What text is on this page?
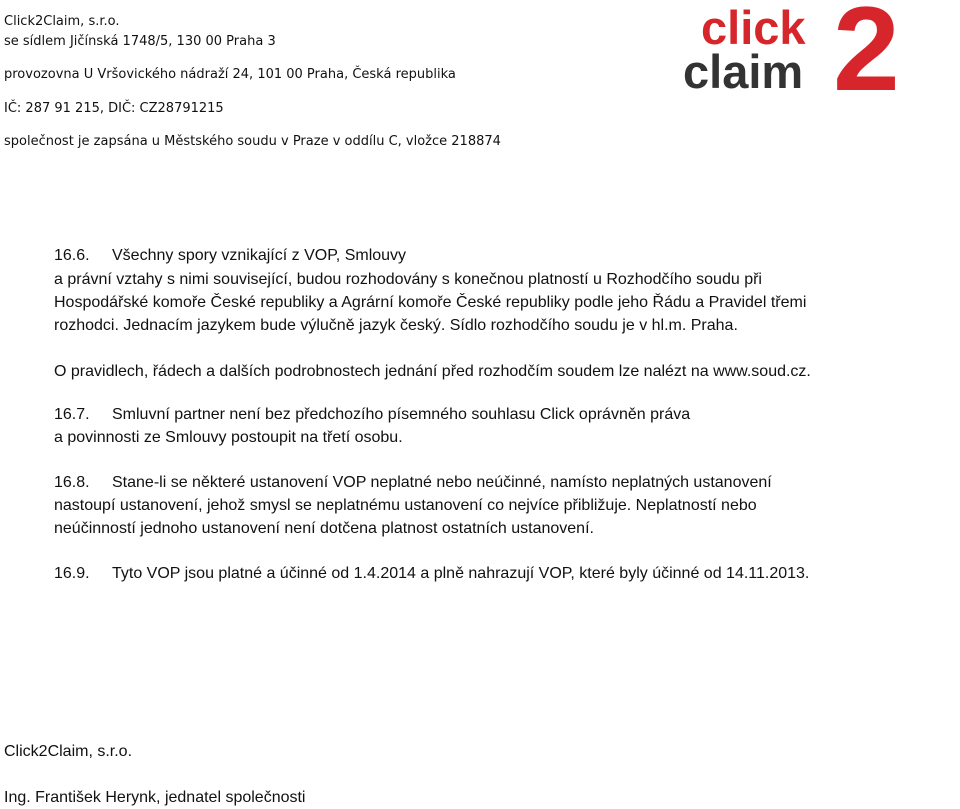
Click2Claim, s.r.o.
se sídlem Jičínská 1748/5, 130 00 Praha 3
provozovna U Vršovického nádraží 24, 101 00 Praha, Česká republika
IČ: 287 91 215, DIČ: CZ28791215
společnost je zapsána u Městského soudu v Praze v oddílu C, vložce 218874
click
claim 2
16.6. Všechny spory vznikající z VOP, Smlouvy
a právní vztahy s nimi související, budou rozhodovány s konečnou platností u Rozhodčího soudu při
Hospodářské komoře České republiky a Agrární komoře České republiky podle jeho Řádu a Pravidel třemi
rozhodci. Jednacím jazykem bude výlučně jazyk český. Sídlo rozhodčího soudu je v hl.m. Praha.
O pravidlech, řádech a dalších podrobnostech jednání před rozhodčím soudem lze nalézt na www.soud.cz.
16.7. Smluvní partner není bez předchozího písemného souhlasu Click oprávněn práva
a povinnosti ze Smlouvy postoupit na třetí osobu.
16.8. Stane-li se některé ustanovení VOP neplatné nebo neúčinné, namísto neplatných ustanovení
nastoupí ustanovení, jehož smysl se neplatnému ustanovení co nejvíce přibližuje. Neplatností nebo
neúčinností jednoho ustanovení není dotčena platnost ostatních ustanovení.
16.9. Tyto VOP jsou platné a účinné od 1.4.2014 a plně nahrazují VOP, které byly účinné od 14.11.2013.
Click2Claim, s.r.o.
Ing. František Herynk, jednatel společnosti
